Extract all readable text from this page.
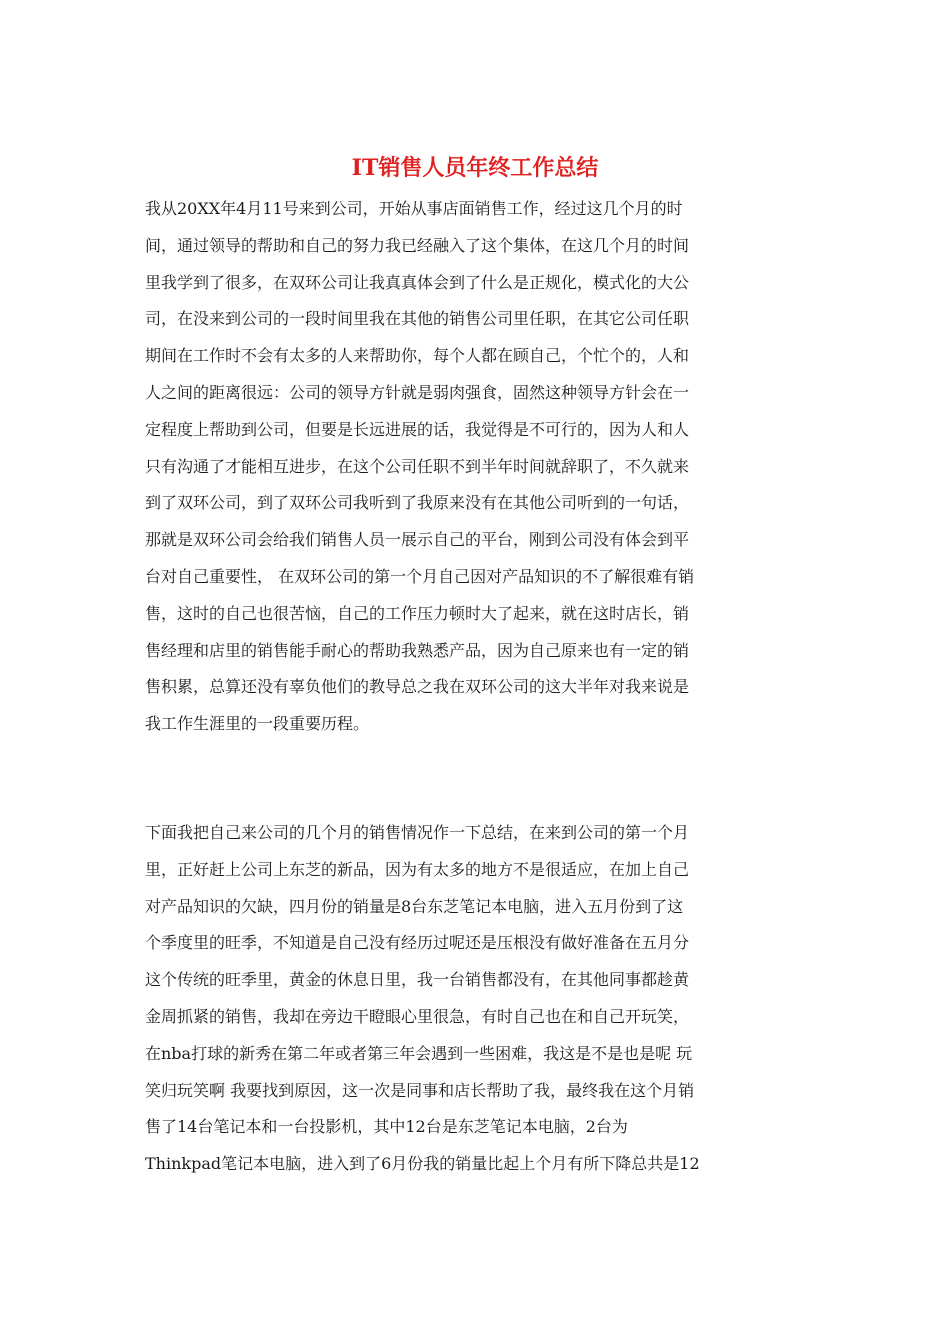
IT销售人员年终工作总结
我从20XX年4月11号来到公司，开始从事店面销售工作，经过这几个月的时
间，通过领导的帮助和自己的努力我已经融入了这个集体，在这几个月的时间
里我学到了很多，在双环公司让我真真体会到了什么是正规化，模式化的大公
司，在没来到公司的一段时间里我在其他的销售公司里任职，在其它公司任职
期间在工作时不会有太多的人来帮助你，每个人都在顾自己，个忙个的，人和
人之间的距离很远：公司的领导方针就是弱肉强食，固然这种领导方针会在一
定程度上帮助到公司，但要是长远进展的话，我觉得是不可行的，因为人和人
只有沟通了才能相互进步，在这个公司任职不到半年时间就辞职了，不久就来
到了双环公司，到了双环公司我听到了我原来没有在其他公司听到的一句话，
那就是双环公司会给我们销售人员一展示自己的平台，刚到公司没有体会到平
台对自己重要性， 在双环公司的第一个月自己因对产品知识的不了解很难有销
售，这时的自己也很苦恼，自己的工作压力顿时大了起来，就在这时店长，销
售经理和店里的销售能手耐心的帮助我熟悉产品，因为自己原来也有一定的销
售积累，总算还没有辜负他们的教导总之我在双环公司的这大半年对我来说是
我工作生涯里的一段重要历程。
下面我把自己来公司的几个月的销售情况作一下总结，在来到公司的第一个月
里，正好赶上公司上东芝的新品，因为有太多的地方不是很适应，在加上自己
对产品知识的欠缺，四月份的销量是8台东芝笔记本电脑，进入五月份到了这
个季度里的旺季，不知道是自己没有经历过呢还是压根没有做好准备在五月分
这个传统的旺季里，黄金的休息日里，我一台销售都没有，在其他同事都趁黄
金周抓紧的销售，我却在旁边干瞪眼心里很急，有时自己也在和自己开玩笑，
在nba打球的新秀在第二年或者第三年会遇到一些困难，我这是不是也是呢 玩
笑归玩笑啊 我要找到原因，这一次是同事和店长帮助了我，最终我在这个月销
售了14台笔记本和一台投影机，其中12台是东芝笔记本电脑，2台为
Thinkpad笔记本电脑，进入到了6月份我的销量比起上个月有所下降总共是12
